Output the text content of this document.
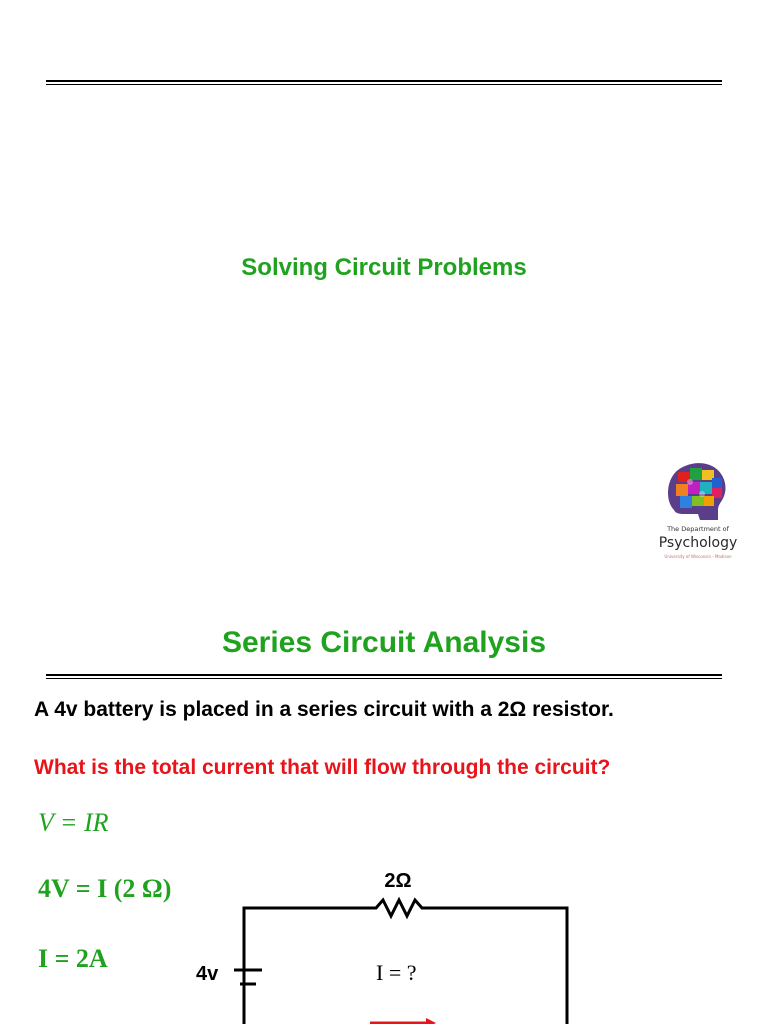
Solving Circuit Problems
The Department of
Psychology
University of Wisconsin - Madison
Series Circuit Analysis
A 4v battery is placed in a series circuit with a 2Ω resistor.
What is the total current that will flow through the circuit?
V = IR
4V = I (2 Ω)
I = 2A
2Ω
4v	I = ?
